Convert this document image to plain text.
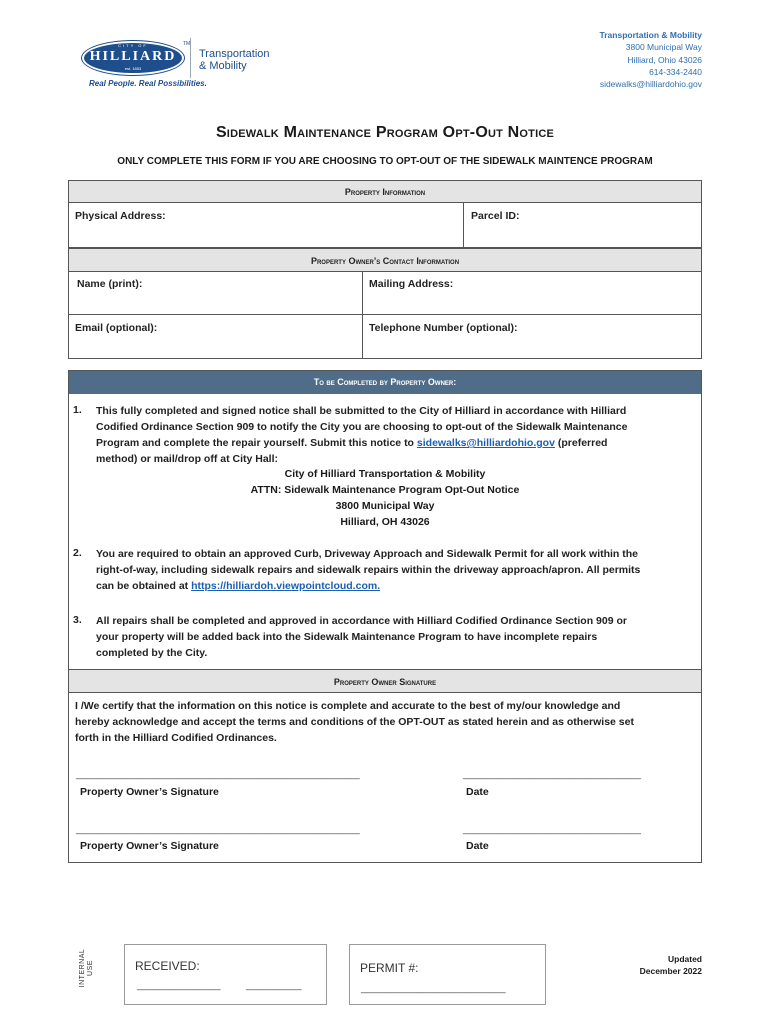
CITY OF
HILLIARD
est. 1853
TM
Transportation
& Mobility
Real People. Real Possibilities.
Transportation & Mobility
3800 Municipal Way
Hilliard, Ohio 43026
614-334-2440
sidewalks@hilliardohio.gov
Sidewalk Maintenance Program Opt-Out Notice
ONLY COMPLETE THIS FORM IF YOU ARE CHOOSING TO OPT-OUT OF THE SIDEWALK MAINTENCE PROGRAM
Property Information
Physical Address:	Parcel ID:
Property Owner’s Contact Information
Name (print):	Mailing Address:
Email (optional):	Telephone Number (optional):
To be Completed by Property Owner:
1. This fully completed and signed notice shall be submitted to the City of Hilliard in accordance with Hilliard
Codified Ordinance Section 909 to notify the City you are choosing to opt-out of the Sidewalk Maintenance
Program and complete the repair yourself. Submit this notice to sidewalks@hilliardohio.gov (preferred
method) or mail/drop off at City Hall:
City of Hilliard Transportation & Mobility
ATTN: Sidewalk Maintenance Program Opt-Out Notice
3800 Municipal Way
Hilliard, OH 43026
2. You are required to obtain an approved Curb, Driveway Approach and Sidewalk Permit for all work within the
right-of-way, including sidewalk repairs and sidewalk repairs within the driveway approach/apron. All permits
can be obtained at https://hilliardoh.viewpointcloud.com.
3. All repairs shall be completed and approved in accordance with Hilliard Codified Ordinance Section 909 or
your property will be added back into the Sidewalk Maintenance Program to have incomplete repairs
completed by the City.
Property Owner Signature
I /We certify that the information on this notice is complete and accurate to the best of my/our knowledge and
hereby acknowledge and accept the terms and conditions of the OPT-OUT as stated herein and as otherwise set
forth in the Hilliard Codified Ordinances.
___________________________________________________	________________________________
Property Owner’s Signature	Date
___________________________________________________	________________________________
Property Owner’s Signature	Date
INTERNAL USE	RECEIVED:
_______________	__________
PERMIT #:
__________________________
Updated
December 2022
